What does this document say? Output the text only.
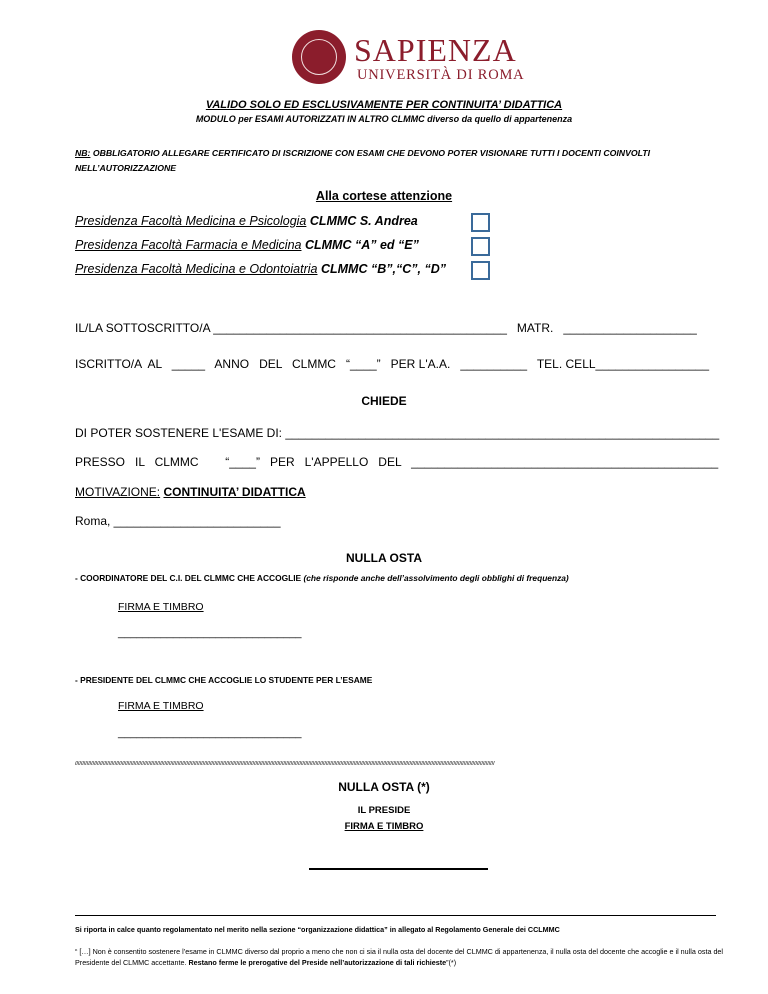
SAPIENZA
UNIVERSITÀ DI ROMA
VALIDO SOLO ED ESCLUSIVAMENTE PER CONTINUITA’ DIDATTICA
MODULO per ESAMI AUTORIZZATI IN ALTRO CLMMC diverso da quello di appartenenza
NB: OBBLIGATORIO ALLEGARE CERTIFICATO DI ISCRIZIONE CON ESAMI CHE DEVONO POTER VISIONARE TUTTI I DOCENTI COINVOLTI NELL’AUTORIZZAZIONE
Alla cortese attenzione
Presidenza Facoltà Medicina e Psicologia CLMMC S. Andrea
Presidenza Facoltà Farmacia e Medicina CLMMC “A” ed “E”
Presidenza Facoltà Medicina e Odontoiatria CLMMC “B”,“C”, “D”
IL/LA SOTTOSCRITTO/A ____________________________________________   MATR.   ____________________
ISCRITTO/A  AL   _____   ANNO   DEL   CLMMC   “____”   PER L'A.A.   __________   TEL. CELL_________________
CHIEDE
DI POTER SOSTENERE L'ESAME DI: _________________________________________________________________
PRESSO   IL   CLMMC        “____”   PER   L'APPELLO   DEL   ______________________________________________
MOTIVAZIONE: CONTINUITA’ DIDATTICA
Roma, _________________________
NULLA OSTA
- COORDINATORE DEL C.I. DEL CLMMC CHE ACCOGLIE (che risponde anche dell’assolvimento degli obblighi di frequenza)
FIRMA E TIMBRO
______________________________
- PRESIDENTE DEL CLMMC CHE ACCOGLIE LO STUDENTE PER L’ESAME
FIRMA E TIMBRO
______________________________
//////////////////////////////////////////////////////////////////////////////////////////////////////////////////////////////////////////////////////////////////////////////////////////////////////////////////////////////////////////////////////////////////////////////////////////////
NULLA OSTA (*)
IL PRESIDE
FIRMA E TIMBRO
Si riporta in calce quanto regolamentato nel merito nella sezione “organizzazione didattica” in allegato al Regolamento Generale dei CCLMMC
“ […] Non è consentito sostenere l’esame in CLMMC diverso dal proprio a meno che non ci sia il nulla osta del docente del CLMMC di appartenenza, il nulla osta del docente che accoglie e il nulla osta del Presidente del CLMMC accettante. Restano ferme le prerogative del Preside nell’autorizzazione di tali richieste”(*)
